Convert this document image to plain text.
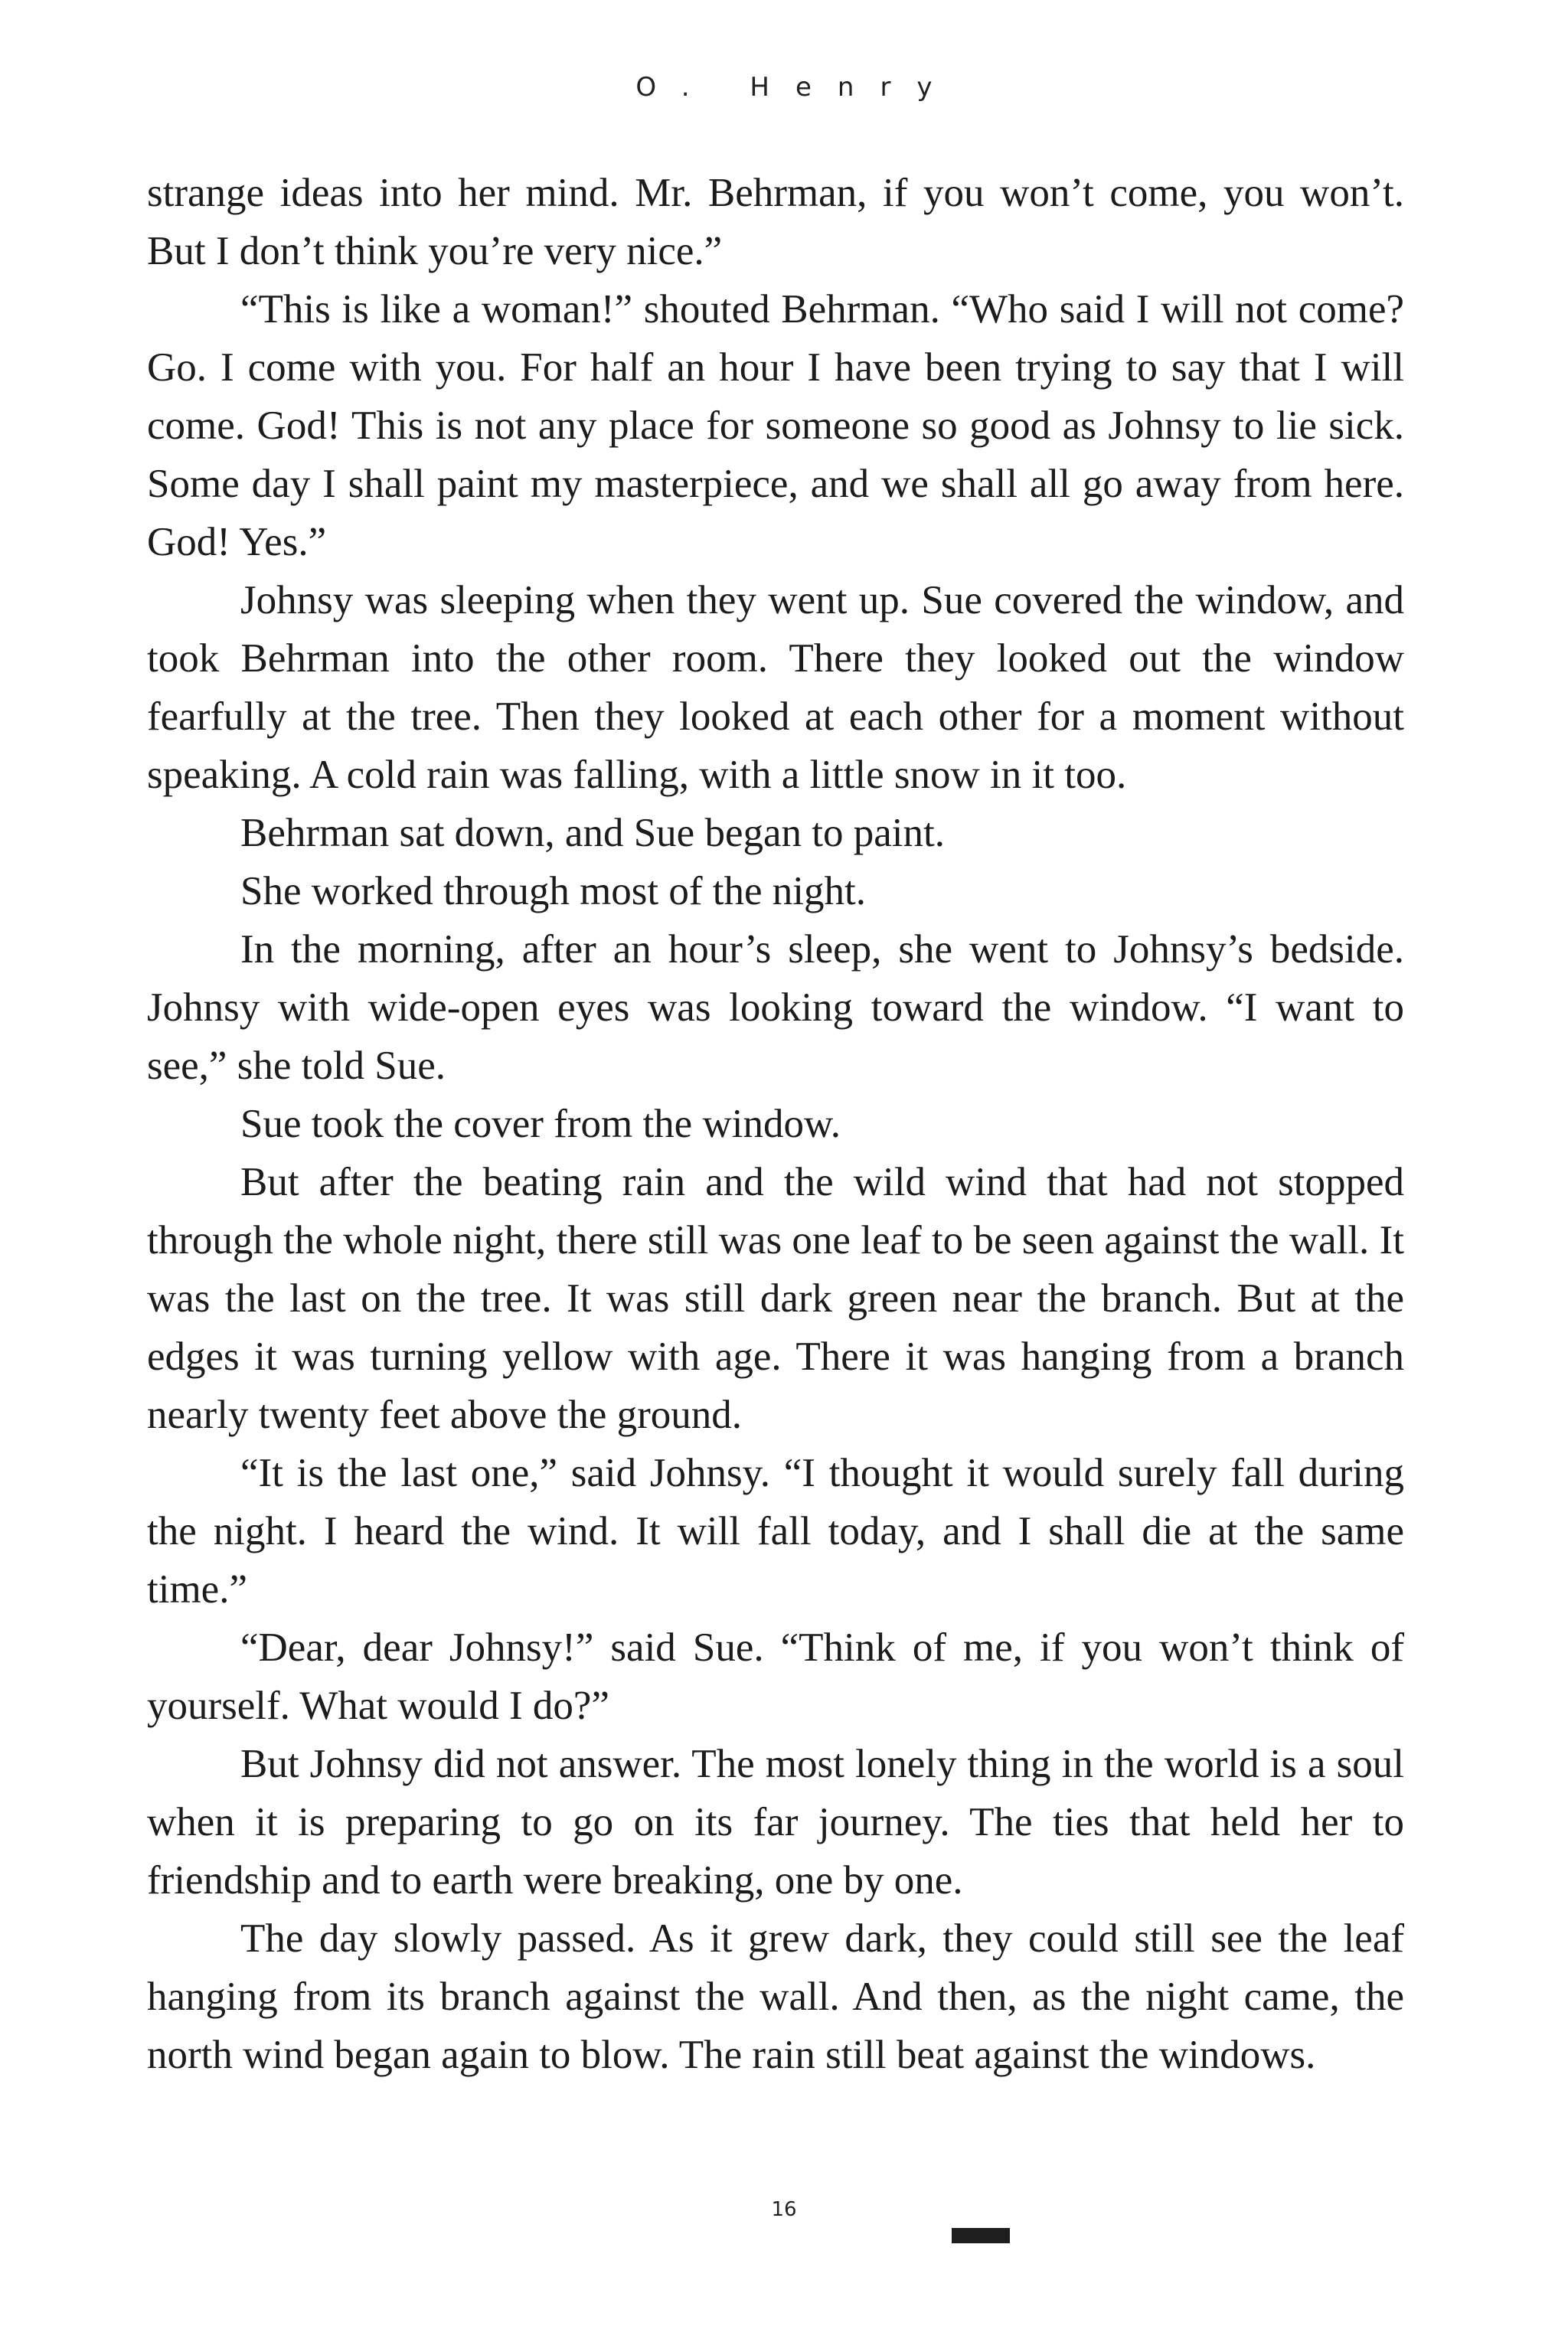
O. Henry

strange ideas into her mind. Mr. Behrman, if you won’t come, you won’t. But I don’t think you’re very nice.”

“This is like a woman!” shouted Behrman. “Who said I will not come? Go. I come with you. For half an hour I have been trying to say that I will come. God! This is not any place for someone so good as Johnsy to lie sick. Some day I shall paint my masterpiece, and we shall all go away from here. God! Yes.”

Johnsy was sleeping when they went up. Sue covered the window, and took Behrman into the other room. There they looked out the window fearfully at the tree. Then they looked at each other for a moment without speaking. A cold rain was falling, with a little snow in it too.

Behrman sat down, and Sue began to paint.

She worked through most of the night.

In the morning, after an hour’s sleep, she went to Johnsy’s bedside. Johnsy with wide-open eyes was looking toward the window. “I want to see,” she told Sue.

Sue took the cover from the window.

But after the beating rain and the wild wind that had not stopped through the whole night, there still was one leaf to be seen against the wall. It was the last on the tree. It was still dark green near the branch. But at the edges it was turning yellow with age. There it was hanging from a branch nearly twenty feet above the ground.

“It is the last one,” said Johnsy. “I thought it would surely fall during the night. I heard the wind. It will fall today, and I shall die at the same time.”

“Dear, dear Johnsy!” said Sue. “Think of me, if you won’t think of yourself. What would I do?”

But Johnsy did not answer. The most lonely thing in the world is a soul when it is preparing to go on its far journey. The ties that held her to friendship and to earth were breaking, one by one.

The day slowly passed. As it grew dark, they could still see the leaf hanging from its branch against the wall. And then, as the night came, the north wind began again to blow. The rain still beat against the windows.

16
